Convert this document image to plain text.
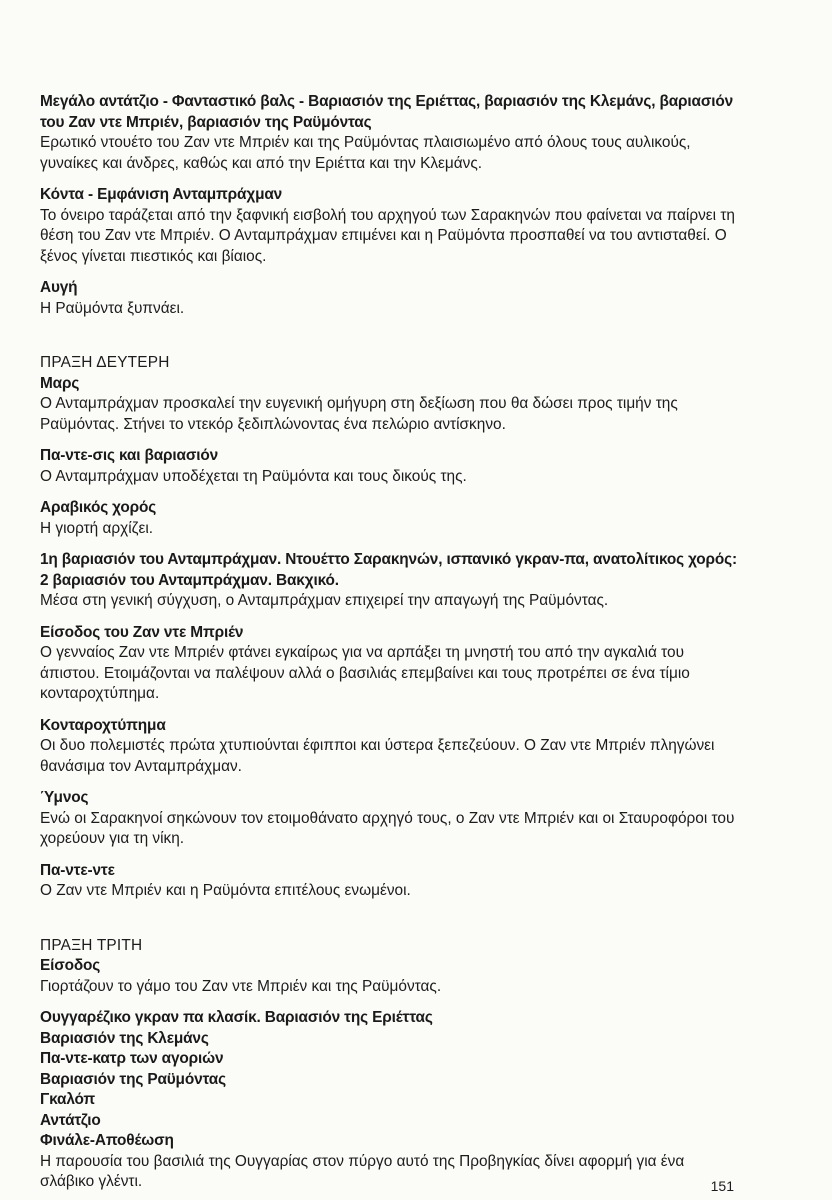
Μεγάλο αντάτζιο - Φανταστικό βαλς - Βαριασιόν της Εριέττας, βαριασιόν της Κλεμάνς, βαριασιόν του Ζαν ντε Μπριέν, βαριασιόν της Ραϋμόντας
Ερωτικό ντουέτο του Ζαν ντε Μπριέν και της Ραϋμόντας πλαισιωμένο από όλους τους αυλικούς, γυναίκες και άνδρες, καθώς και από την Εριέττα και την Κλεμάνς.
Κόντα - Εμφάνιση Ανταμπράχμαν
Το όνειρο ταράζεται από την ξαφνική εισβολή του αρχηγού των Σαρακηνών που φαίνεται να παίρνει τη θέση του Ζαν ντε Μπριέν. Ο Ανταμπράχμαν επιμένει και η Ραϋμόντα προσπαθεί να του αντισταθεί. Ο ξένος γίνεται πιεστικός και βίαιος.
Αυγή
Η Ραϋμόντα ξυπνάει.
ΠΡΑΞΗ ΔΕΥΤΕΡΗ
Μαρς
Ο Ανταμπράχμαν προσκαλεί την ευγενική ομήγυρη στη δεξίωση που θα δώσει προς τιμήν της Ραϋμόντας. Στήνει το ντεκόρ ξεδιπλώνοντας ένα πελώριο αντίσκηνο.
Πα-ντε-σις και βαριασιόν
Ο Ανταμπράχμαν υποδέχεται τη Ραϋμόντα και τους δικούς της.
Αραβικός χορός
Η γιορτή αρχίζει.
1η βαριασιόν του Ανταμπράχμαν. Ντουέττο Σαρακηνών, ισπανικό γκραν-πα, ανατολίτικος χορός: 2 βαριασιόν του Ανταμπράχμαν. Βακχικό.
Μέσα στη γενική σύγχυση, ο Ανταμπράχμαν επιχειρεί την απαγωγή της Ραϋμόντας.
Είσοδος του Ζαν ντε Μπριέν
Ο γενναίος Ζαν ντε Μπριέν φτάνει εγκαίρως για να αρπάξει τη μνηστή του από την αγκαλιά του άπιστου. Ετοιμάζονται να παλέψουν αλλά ο βασιλιάς επεμβαίνει και τους προτρέπει σε ένα τίμιο κονταροχτύπημα.
Κονταροχτύπημα
Οι δυο πολεμιστές πρώτα χτυπιούνται έφιπποι και ύστερα ξεπεζεύουν. Ο Ζαν ντε Μπριέν πληγώνει θανάσιμα τον Ανταμπράχμαν.
Ύμνος
Ενώ οι Σαρακηνοί σηκώνουν τον ετοιμοθάνατο αρχηγό τους, ο Ζαν ντε Μπριέν και οι Σταυροφόροι του χορεύουν για τη νίκη.
Πα-ντε-ντε
Ο Ζαν ντε Μπριέν και η Ραϋμόντα επιτέλους ενωμένοι.
ΠΡΑΞΗ ΤΡΙΤΗ
Είσοδος
Γιορτάζουν το γάμο του Ζαν ντε Μπριέν και της Ραϋμόντας.
Ουγγαρέζικο γκραν πα κλασίκ. Βαριασιόν της Εριέττας
Βαριασιόν της Κλεμάνς
Πα-ντε-κατρ των αγοριών
Βαριασιόν της Ραϋμόντας
Γκαλόπ
Αντάτζιο
Φινάλε-Αποθέωση
Η παρουσία του βασιλιά της Ουγγαρίας στον πύργο αυτό της Προβηγκίας δίνει αφορμή για ένα σλάβικο γλέντι.	151
